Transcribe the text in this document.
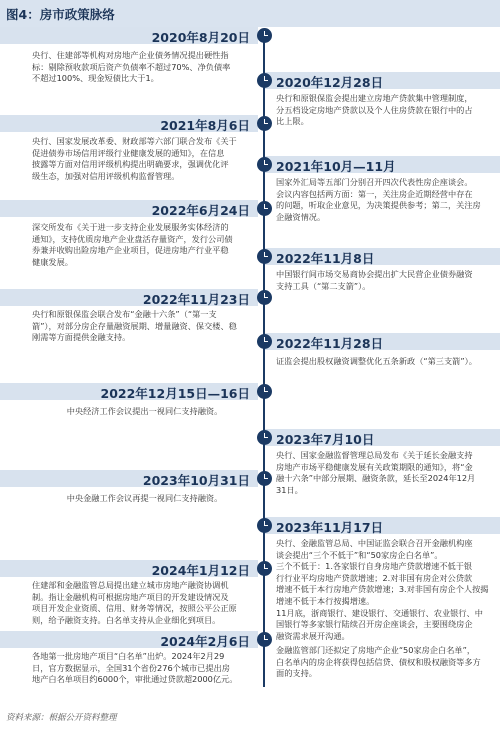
图4：房市政策脉络
2020年8月20日
央行、住建部等机构对房地产企业债务情况提出硬性指
标：剔除预收款项后资产负债率不超过70%、净负债率
不超过100%、现金短债比大于1。	2020年12月28日
央行和原银保监会提出建立房地产贷款集中管理制度，
分五档设定房地产贷款以及个人住房贷款在银行中的占
比上限。
2021年8月6日
央行、国家发展改革委、财政部等六部门联合发布《关于
促进债券市场信用评级行业健康发展的通知》，在信息
披露等方面对信用评级机构提出明确要求，强调优化评
级生态，加强对信用评级机构监督管理。
2021年10月—11月
国家外汇局等五部门分别召开四次代表性房企座谈会。
会议内容包括两方面：第一，关注房企近期经营中存在
的问题，听取企业意见，为决策提供参考；第二，关注房
企融资情况。
2022年6月24日
深交所发布《关于进一步支持企业发展服务实体经济的
通知》，支持优质房地产企业盘活存量资产，发行公司债
券兼并收购出险房地产企业项目，促进房地产行业平稳
健康发展。	2022年11月8日
中国银行间市场交易商协会提出扩大民营企业债券融资
支持工具（“第二支箭”）。
2022年11月23日
央行和原银保监会联合发布“金融十六条”（“第一支
箭”），对部分房企存量融资展期、增量融资、保交楼、稳
刚需等方面提供金融支持。	2022年11月28日
证监会提出股权融资调整优化五条新政（“第三支箭”）。
2022年12月15日—16日
中央经济工作会议提出一视同仁支持融资。
2023年7月10日
央行、国家金融监督管理总局发布《关于延长金融支持
房地产市场平稳健康发展有关政策期限的通知》，将“金
融十六条”中部分展期、融资条款，延长至2024年12月
31日。
2023年10月31日
中央金融工作会议再提一视同仁支持融资。
2023年11月17日
央行、金融监管总局、中国证监会联合召开金融机构座
谈会提出“三个不低于”和“50家房企白名单”。
三个不低于：1.各家银行自身房地产贷款增速不低于银
行行业平均房地产贷款增速；2.对非国有房企对公贷款
增速不低于本行房地产贷款增速；3.对非国有房企个人按揭
增速不低于本行按揭增速。
11月底，浙商银行、建设银行、交通银行、农业银行、中
国银行等多家银行陆续召开房企座谈会，主要围绕房企
融资需求展开沟通。
2024年1月12日
住建部和金融监管总局提出建立城市房地产融资协调机
制。指让金融机构可根据房地产项目的开发建设情况及
项目开发企业资质、信用、财务等情况，按照公平公正原
则，给予融资支持。白名单支持从企业细化到项目。
2024年2月6日
各地第一批房地产项目“白名单”出炉。2024年2月29
日，官方数据显示，全国31个省份276个城市已提出房
地产白名单项目约6000个，审批通过贷款超2000亿元。
金融监管部门还拟定了房地产企业“50家房企白名单”，
白名单内的房企将获得包括信贷、债权和股权融资等多方
面的支持。
资料来源：根据公开资料整理
